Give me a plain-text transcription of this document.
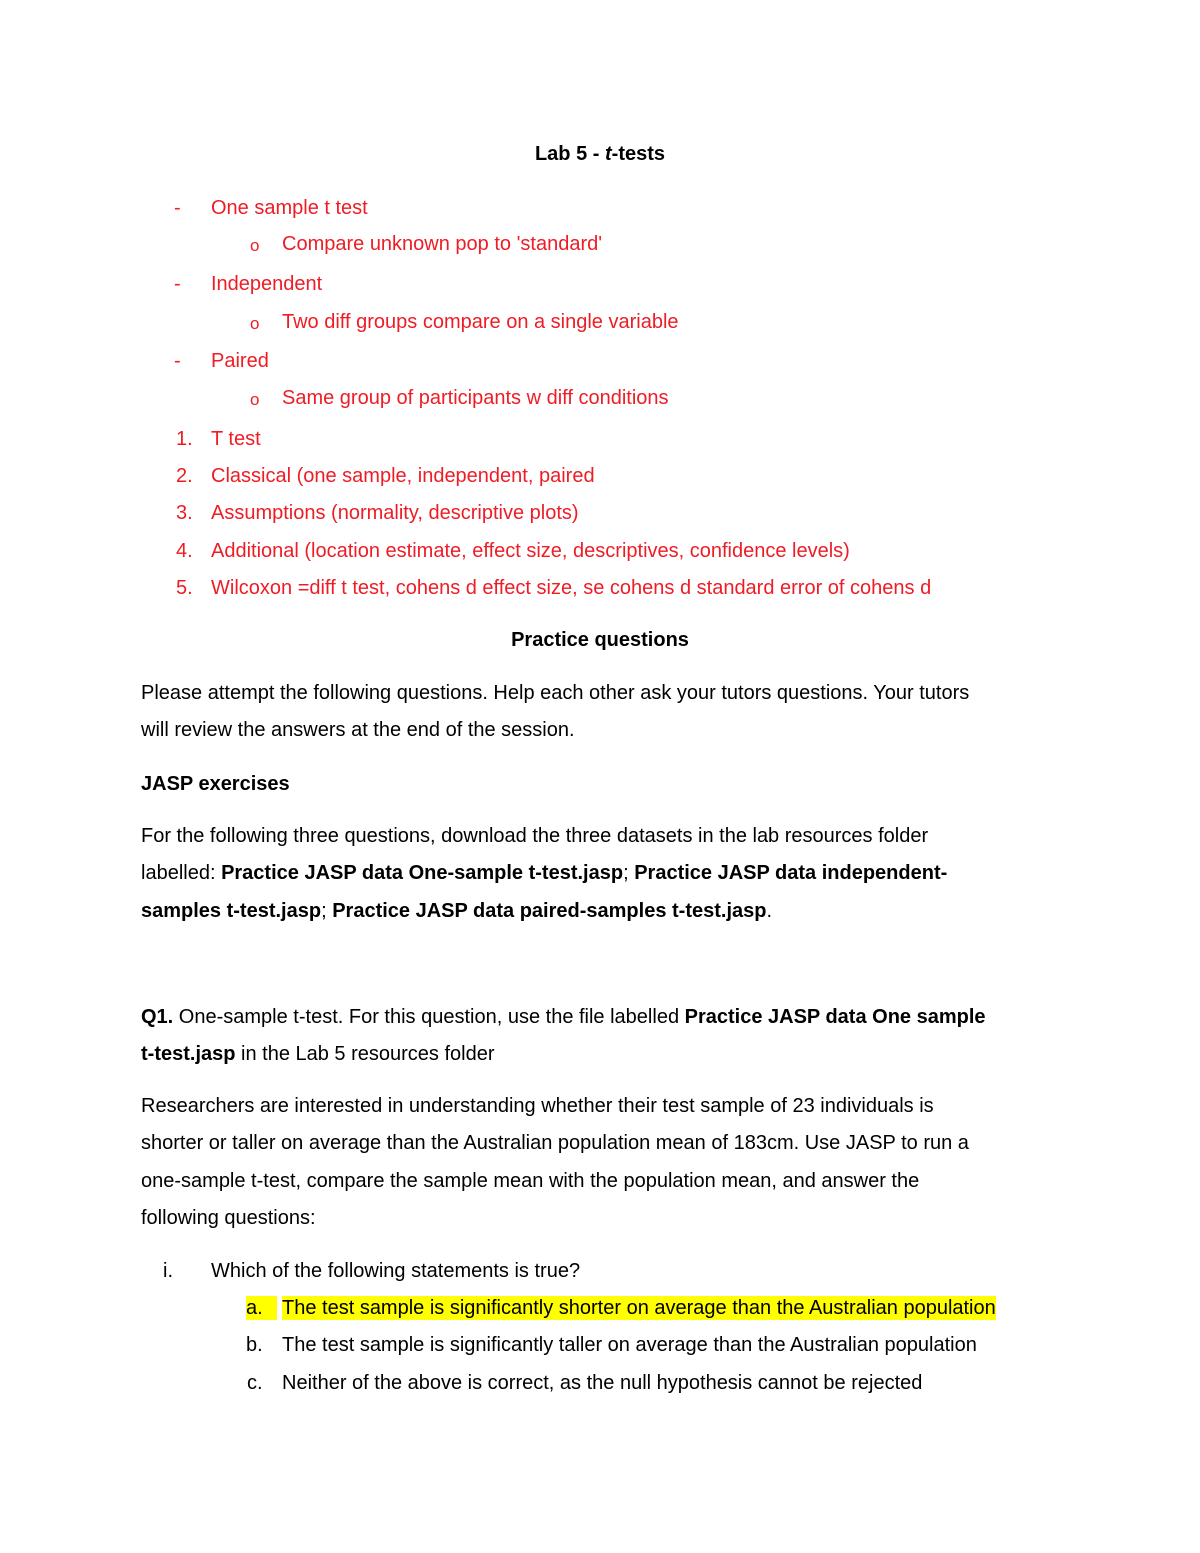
Lab 5 - t-tests
- One sample t test
o Compare unknown pop to 'standard'
- Independent
o Two diff groups compare on a single variable
- Paired
o Same group of participants w diff conditions
1. T test
2. Classical (one sample, independent, paired
3. Assumptions (normality, descriptive plots)
4. Additional (location estimate, effect size, descriptives, confidence levels)
5. Wilcoxon =diff t test, cohens d effect size, se cohens d standard error of cohens d
Practice questions
Please attempt the following questions. Help each other ask your tutors questions. Your tutors
will review the answers at the end of the session.
JASP exercises
For the following three questions, download the three datasets in the lab resources folder
labelled: Practice JASP data One-sample t-test.jasp; Practice JASP data independent-
samples t-test.jasp; Practice JASP data paired-samples t-test.jasp.
Q1. One-sample t-test. For this question, use the file labelled Practice JASP data One sample
t-test.jasp in the Lab 5 resources folder
Researchers are interested in understanding whether their test sample of 23 individuals is
shorter or taller on average than the Australian population mean of 183cm. Use JASP to run a
one-sample t-test, compare the sample mean with the population mean, and answer the
following questions:
i. Which of the following statements is true?
a. The test sample is significantly shorter on average than the Australian population
b. The test sample is significantly taller on average than the Australian population
c. Neither of the above is correct, as the null hypothesis cannot be rejected
